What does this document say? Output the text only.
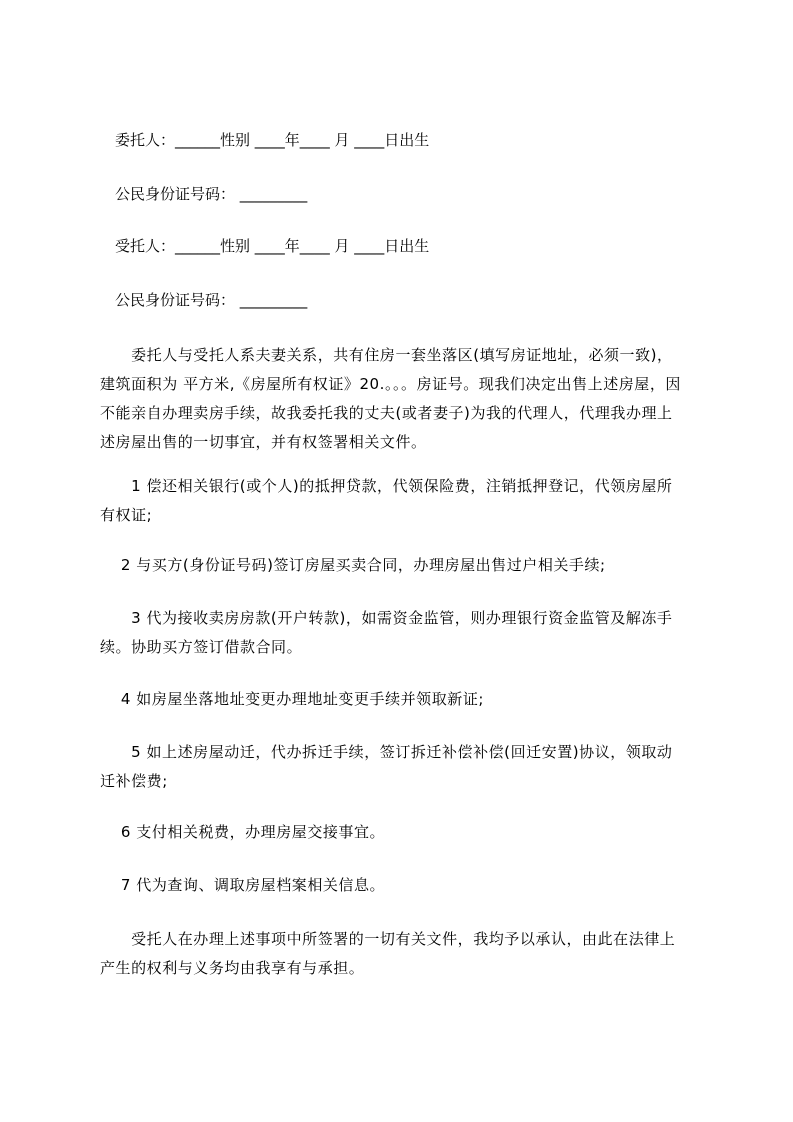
　委托人：______性别 ____年____ 月 ____日出生
　公民身份证号码： _________
　受托人：______性别 ____年____ 月 ____日出生
　公民身份证号码： _________
　　委托人与受托人系夫妻关系，共有住房一套坐落区(填写房证地址，必须一致)，
建筑面积为 平方米,《房屋所有权证》20.。。。房证号。现我们决定出售上述房屋，因
不能亲自办理卖房手续，故我委托我的丈夫(或者妻子)为我的代理人，代理我办理上
述房屋出售的一切事宜，并有权签署相关文件。
　　1 偿还相关银行(或个人)的抵押贷款，代领保险费，注销抵押登记，代领房屋所
有权证;
　 2 与买方(身份证号码)签订房屋买卖合同，办理房屋出售过户相关手续;
　　3 代为接收卖房房款(开户转款)，如需资金监管，则办理银行资金监管及解冻手
续。协助买方签订借款合同。
　 4 如房屋坐落地址变更办理地址变更手续并领取新证;
　　5 如上述房屋动迁，代办拆迁手续，签订拆迁补偿补偿(回迁安置)协议，领取动
迁补偿费;
　 6 支付相关税费，办理房屋交接事宜。
　 7 代为查询、调取房屋档案相关信息。
　　受托人在办理上述事项中所签署的一切有关文件，我均予以承认，由此在法律上
产生的权利与义务均由我享有与承担。
